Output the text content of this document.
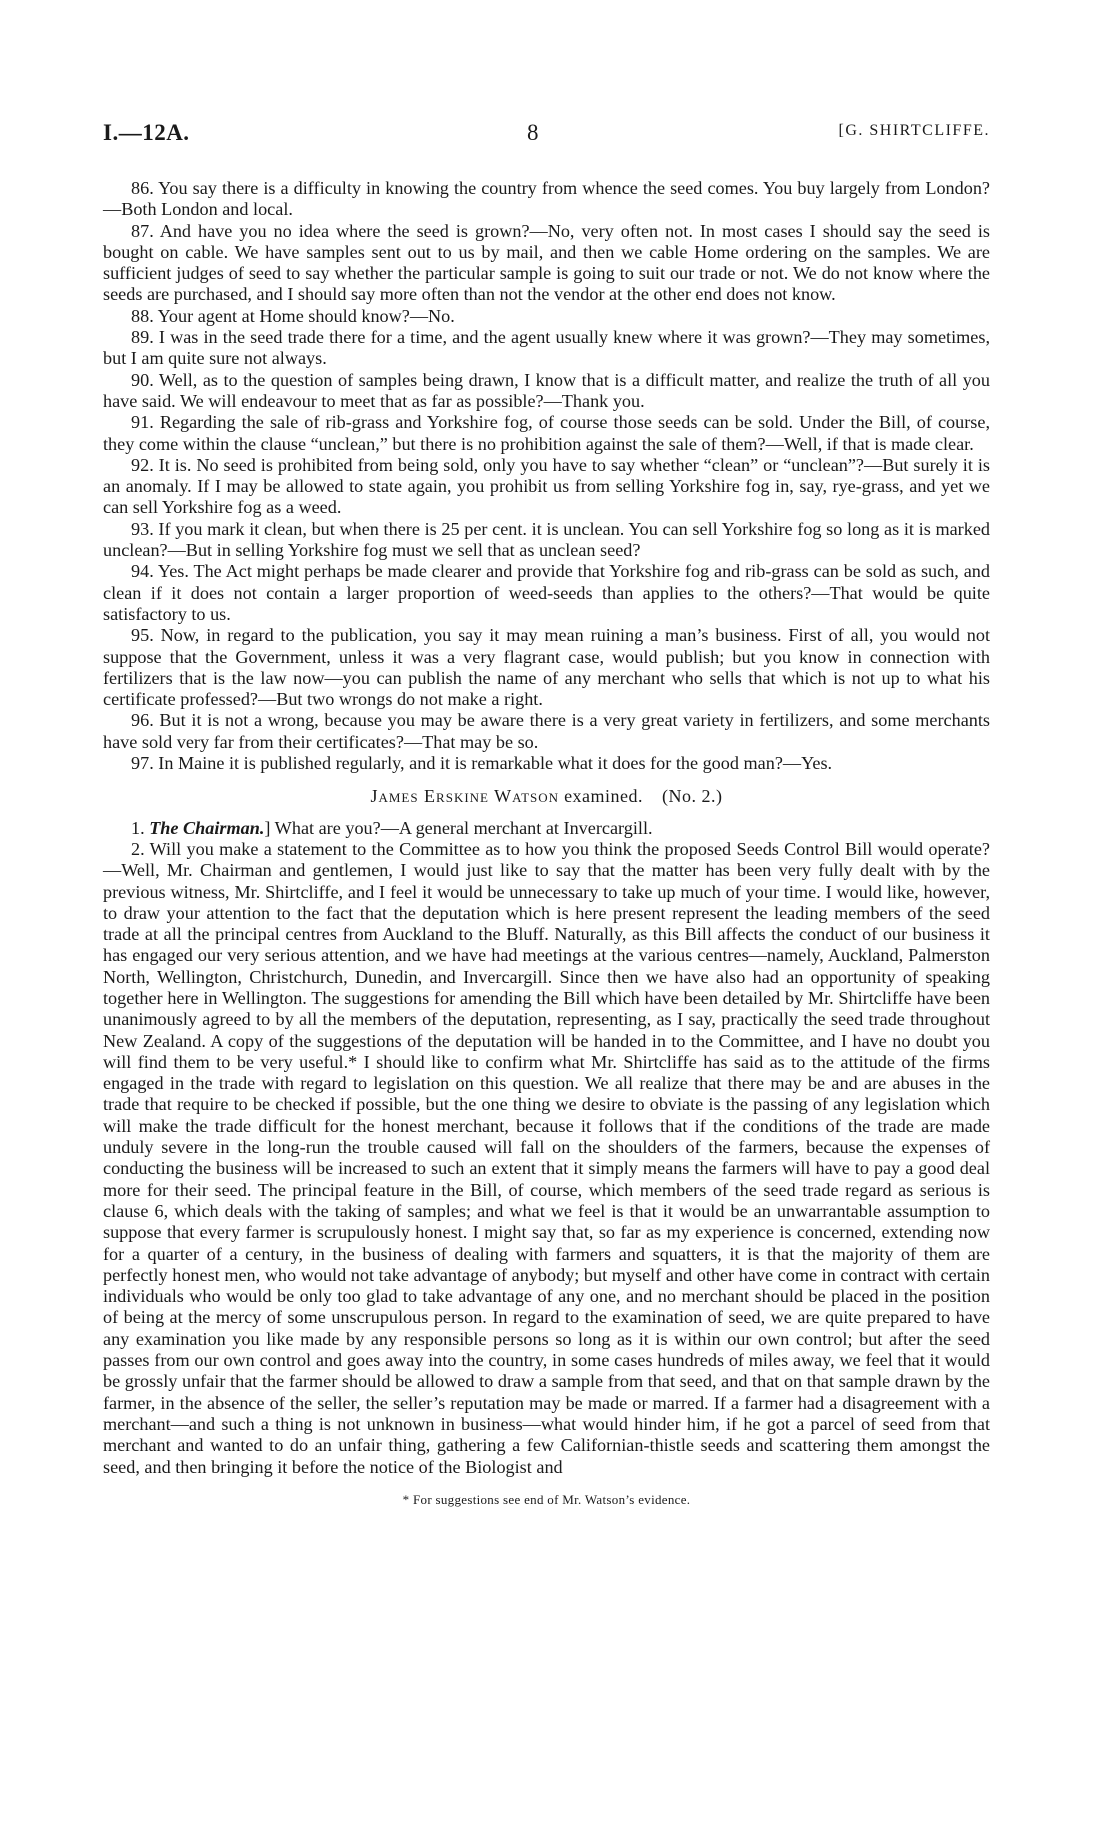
I.—12A.	8	[G. SHIRTCLIFFE.

86. You say there is a difficulty in knowing the country from whence the seed comes. You buy largely from London?—Both London and local.

87. And have you no idea where the seed is grown?—No, very often not. In most cases I should say the seed is bought on cable. We have samples sent out to us by mail, and then we cable Home ordering on the samples. We are sufficient judges of seed to say whether the particular sample is going to suit our trade or not. We do not know where the seeds are purchased, and I should say more often than not the vendor at the other end does not know.

88. Your agent at Home should know?—No.

89. I was in the seed trade there for a time, and the agent usually knew where it was grown?—They may sometimes, but I am quite sure not always.

90. Well, as to the question of samples being drawn, I know that is a difficult matter, and realize the truth of all you have said. We will endeavour to meet that as far as possible?—Thank you.

91. Regarding the sale of rib-grass and Yorkshire fog, of course those seeds can be sold. Under the Bill, of course, they come within the clause “unclean,” but there is no prohibition against the sale of them?—Well, if that is made clear.

92. It is. No seed is prohibited from being sold, only you have to say whether “clean” or “unclean”?—But surely it is an anomaly. If I may be allowed to state again, you prohibit us from selling Yorkshire fog in, say, rye-grass, and yet we can sell Yorkshire fog as a weed.

93. If you mark it clean, but when there is 25 per cent. it is unclean. You can sell Yorkshire fog so long as it is marked unclean?—But in selling Yorkshire fog must we sell that as unclean seed?

94. Yes. The Act might perhaps be made clearer and provide that Yorkshire fog and rib-grass can be sold as such, and clean if it does not contain a larger proportion of weed-seeds than applies to the others?—That would be quite satisfactory to us.

95. Now, in regard to the publication, you say it may mean ruining a man’s business. First of all, you would not suppose that the Government, unless it was a very flagrant case, would publish; but you know in connection with fertilizers that is the law now—you can publish the name of any merchant who sells that which is not up to what his certificate professed?—But two wrongs do not make a right.

96. But it is not a wrong, because you may be aware there is a very great variety in fertilizers, and some merchants have sold very far from their certificates?—That may be so.

97. In Maine it is published regularly, and it is remarkable what it does for the good man?—Yes.

James Erskine Watson examined. (No. 2.)

1. The Chairman.] What are you?—A general merchant at Invercargill.

2. Will you make a statement to the Committee as to how you think the proposed Seeds Control Bill would operate?—Well, Mr. Chairman and gentlemen, I would just like to say that the matter has been very fully dealt with by the previous witness, Mr. Shirtcliffe, and I feel it would be unnecessary to take up much of your time. I would like, however, to draw your attention to the fact that the deputation which is here present represent the leading members of the seed trade at all the principal centres from Auckland to the Bluff. Naturally, as this Bill affects the conduct of our business it has engaged our very serious attention, and we have had meetings at the various centres—namely, Auckland, Palmerston North, Wellington, Christchurch, Dunedin, and Invercargill. Since then we have also had an opportunity of speaking together here in Wellington. The suggestions for amending the Bill which have been detailed by Mr. Shirtcliffe have been unanimously agreed to by all the members of the deputation, representing, as I say, practically the seed trade throughout New Zealand. A copy of the suggestions of the deputation will be handed in to the Committee, and I have no doubt you will find them to be very useful.* I should like to confirm what Mr. Shirtcliffe has said as to the attitude of the firms engaged in the trade with regard to legislation on this question. We all realize that there may be and are abuses in the trade that require to be checked if possible, but the one thing we desire to obviate is the passing of any legislation which will make the trade difficult for the honest merchant, because it follows that if the conditions of the trade are made unduly severe in the long-run the trouble caused will fall on the shoulders of the farmers, because the expenses of conducting the business will be increased to such an extent that it simply means the farmers will have to pay a good deal more for their seed. The principal feature in the Bill, of course, which members of the seed trade regard as serious is clause 6, which deals with the taking of samples; and what we feel is that it would be an unwarrantable assumption to suppose that every farmer is scrupulously honest. I might say that, so far as my experience is concerned, extending now for a quarter of a century, in the business of dealing with farmers and squatters, it is that the majority of them are perfectly honest men, who would not take advantage of anybody; but myself and other have come in contract with certain individuals who would be only too glad to take advantage of any one, and no merchant should be placed in the position of being at the mercy of some unscrupulous person. In regard to the examination of seed, we are quite prepared to have any examination you like made by any responsible persons so long as it is within our own control; but after the seed passes from our own control and goes away into the country, in some cases hundreds of miles away, we feel that it would be grossly unfair that the farmer should be allowed to draw a sample from that seed, and that on that sample drawn by the farmer, in the absence of the seller, the seller’s reputation may be made or marred. If a farmer had a disagreement with a merchant—and such a thing is not unknown in business—what would hinder him, if he got a parcel of seed from that merchant and wanted to do an unfair thing, gathering a few Californian-thistle seeds and scattering them amongst the seed, and then bringing it before the notice of the Biologist and

* For suggestions see end of Mr. Watson’s evidence.
